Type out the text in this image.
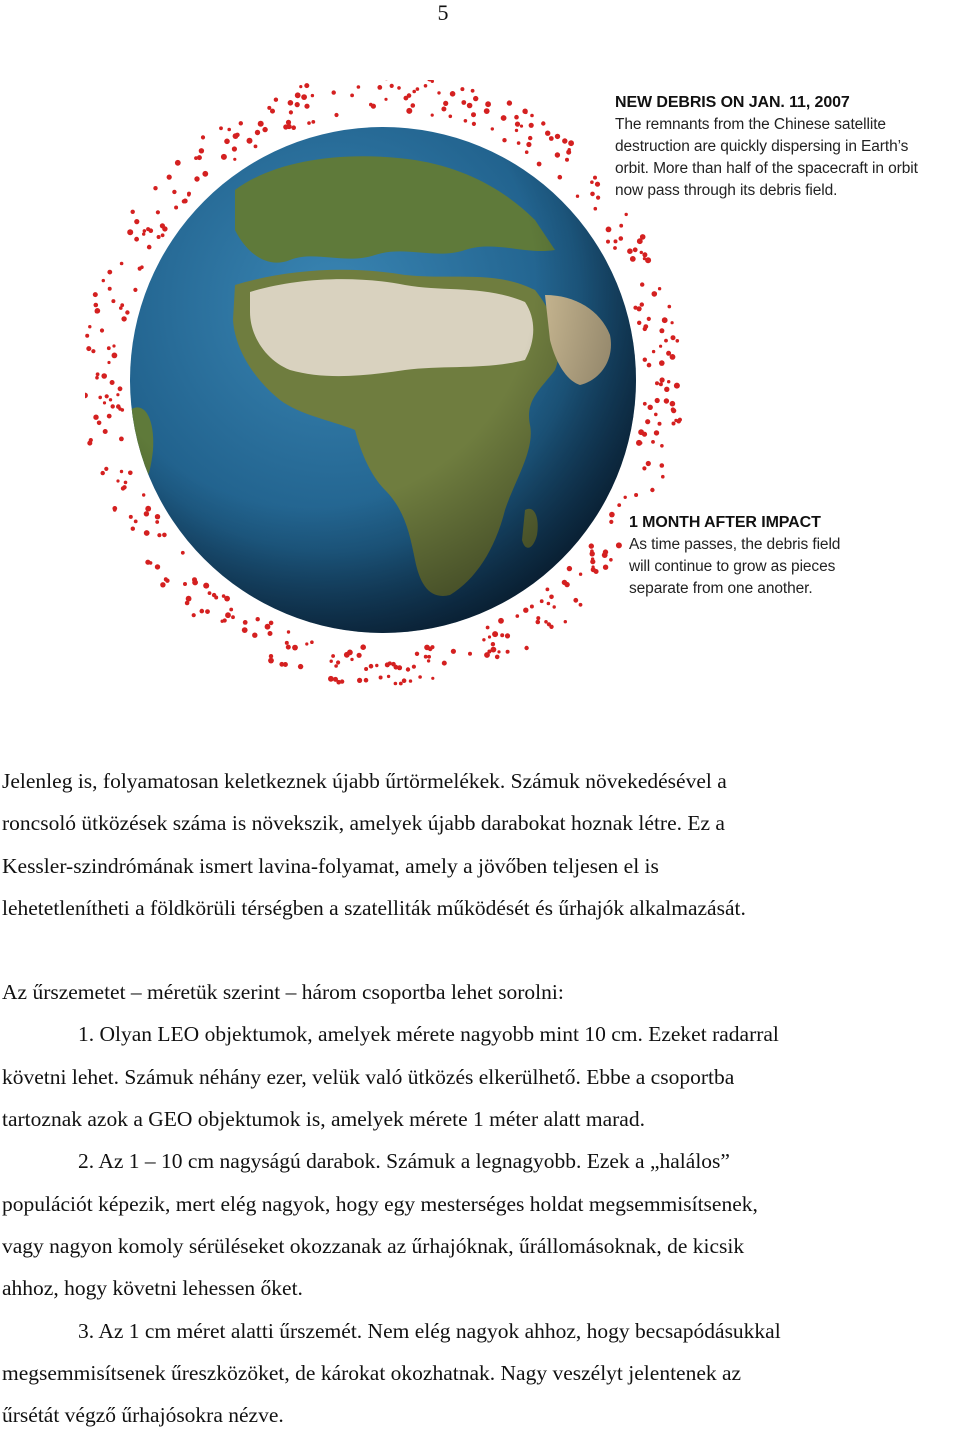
5
NEW DEBRIS ON JAN. 11, 2007
The remnants from the Chinese satellite
destruction are quickly dispersing in Earth’s
orbit. More than half of the spacecraft in orbit
now pass through its debris field.
1 MONTH AFTER IMPACT
As time passes, the debris field
will continue to grow as pieces
separate from one another.

Jelenleg is, folyamatosan keletkeznek újabb űrtörmelékek. Számuk növekedésével a

roncsoló ütközések száma is növekszik, amelyek újabb darabokat hoznak létre. Ez a

Kessler-szindrómának ismert lavina-folyamat, amely a jövőben teljesen el is

lehetetlenítheti a földkörüli térségben a szatelliták működését és űrhajók alkalmazását.

Az űrszemetet – méretük szerint – három csoportba lehet sorolni:

1. Olyan LEO objektumok, amelyek mérete nagyobb mint 10 cm. Ezeket radarral

követni lehet. Számuk néhány ezer, velük való ütközés elkerülhető. Ebbe a csoportba

tartoznak azok a GEO objektumok is, amelyek mérete 1 méter alatt marad.

2. Az 1 – 10 cm nagyságú darabok. Számuk a legnagyobb. Ezek a „halálos”

populációt képezik, mert elég nagyok, hogy egy mesterséges holdat megsemmisítsenek,

vagy nagyon komoly sérüléseket okozzanak az űrhajóknak, űrállomásoknak, de kicsik

ahhoz, hogy követni lehessen őket.

3. Az 1 cm méret alatti űrszemét. Nem elég nagyok ahhoz, hogy becsapódásukkal

megsemmisítsenek űreszközöket, de károkat okozhatnak. Nagy veszélyt jelentenek az

űrsétát végző űrhajósokra nézve.
